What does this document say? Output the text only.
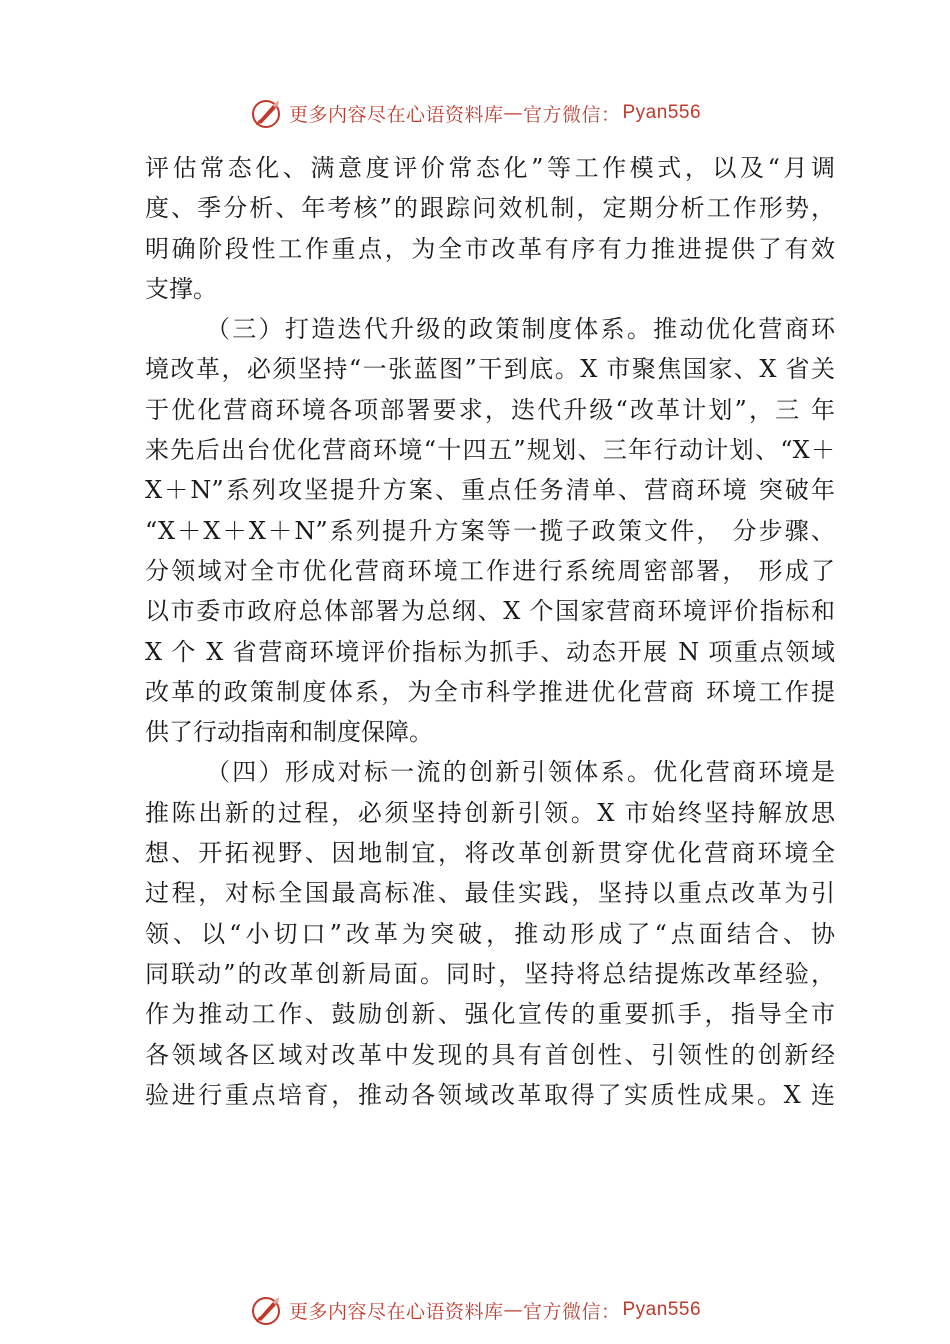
更多内容尽在心语资料库 — 官方微信： Pyan556

评估常态化、满意度评价常态化”等工作模式，以及“月调
度、季分析、年考核”的跟踪问效机制，定期分析工作形势，
明确阶段性工作重点，为全市改革有序有力推进提供了有效
支撑。

（三）打造迭代升级的政策制度体系。推动优化营商环
境改革，必须坚持“一张蓝图”干到底。X 市聚焦国家、X 省关
于优化营商环境各项部署要求，迭代升级“改革计划”，三 年
来先后出台优化营商环境“十四五”规划、三年行动计划、“X＋
X＋N”系列攻坚提升方案、重点任务清单、营商环境 突破年
“X＋X＋X＋N”系列提升方案等一揽子政策文件， 分步骤、
分领域对全市优化营商环境工作进行系统周密部署， 形成了
以市委市政府总体部署为总纲、X 个国家营商环境评价指标和
X 个 X 省营商环境评价指标为抓手、动态开展 N 项重点领域
改革的政策制度体系，为全市科学推进优化营商 环境工作提
供了行动指南和制度保障。

（四）形成对标一流的创新引领体系。优化营商环境是
推陈出新的过程，必须坚持创新引领。X 市始终坚持解放思
想、开拓视野、因地制宜，将改革创新贯穿优化营商环境全
过程，对标全国最高标准、最佳实践，坚持以重点改革为引
领、以“小切口”改革为突破，推动形成了“点面结合、协
同联动”的改革创新局面。同时，坚持将总结提炼改革经验，
作为推动工作、鼓励创新、强化宣传的重要抓手，指导全市
各领域各区域对改革中发现的具有首创性、引领性的创新经
验进行重点培育，推动各领域改革取得了实质性成果。X 连

更多内容尽在心语资料库 — 官方微信： Pyan556
